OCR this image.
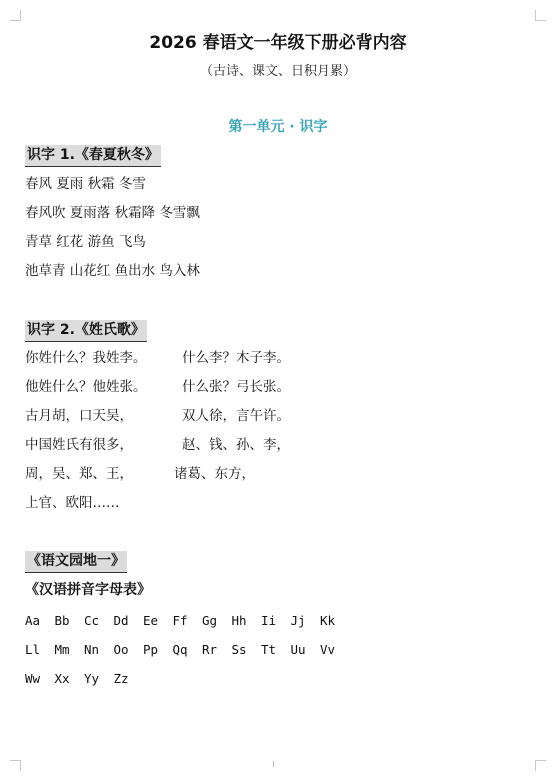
2026 春语文一年级下册必背内容
（古诗、课文、日积月累）
第一单元 · 识字
识字 1.《春夏秋冬》
春风 夏雨 秋霜 冬雪
春风吹 夏雨落 秋霜降 冬雪飘
青草 红花 游鱼 飞鸟
池草青 山花红 鱼出水 鸟入林
识字 2.《姓氏歌》
你姓什么？我姓李。	什么李？木子李。
他姓什么？他姓张。	什么张？弓长张。
古月胡，口天吴，	双人徐，言午许。
中国姓氏有很多，	赵、钱、孙、李，
周，吴、郑、王，	诸葛、东方，
上官、欧阳……
《语文园地一》
《汉语拼音字母表》
Aa Bb Cc Dd Ee Ff Gg Hh Ii Jj Kk
Ll Mm Nn Oo Pp Qq Rr Ss Tt Uu Vv
Ww Xx Yy Zz
